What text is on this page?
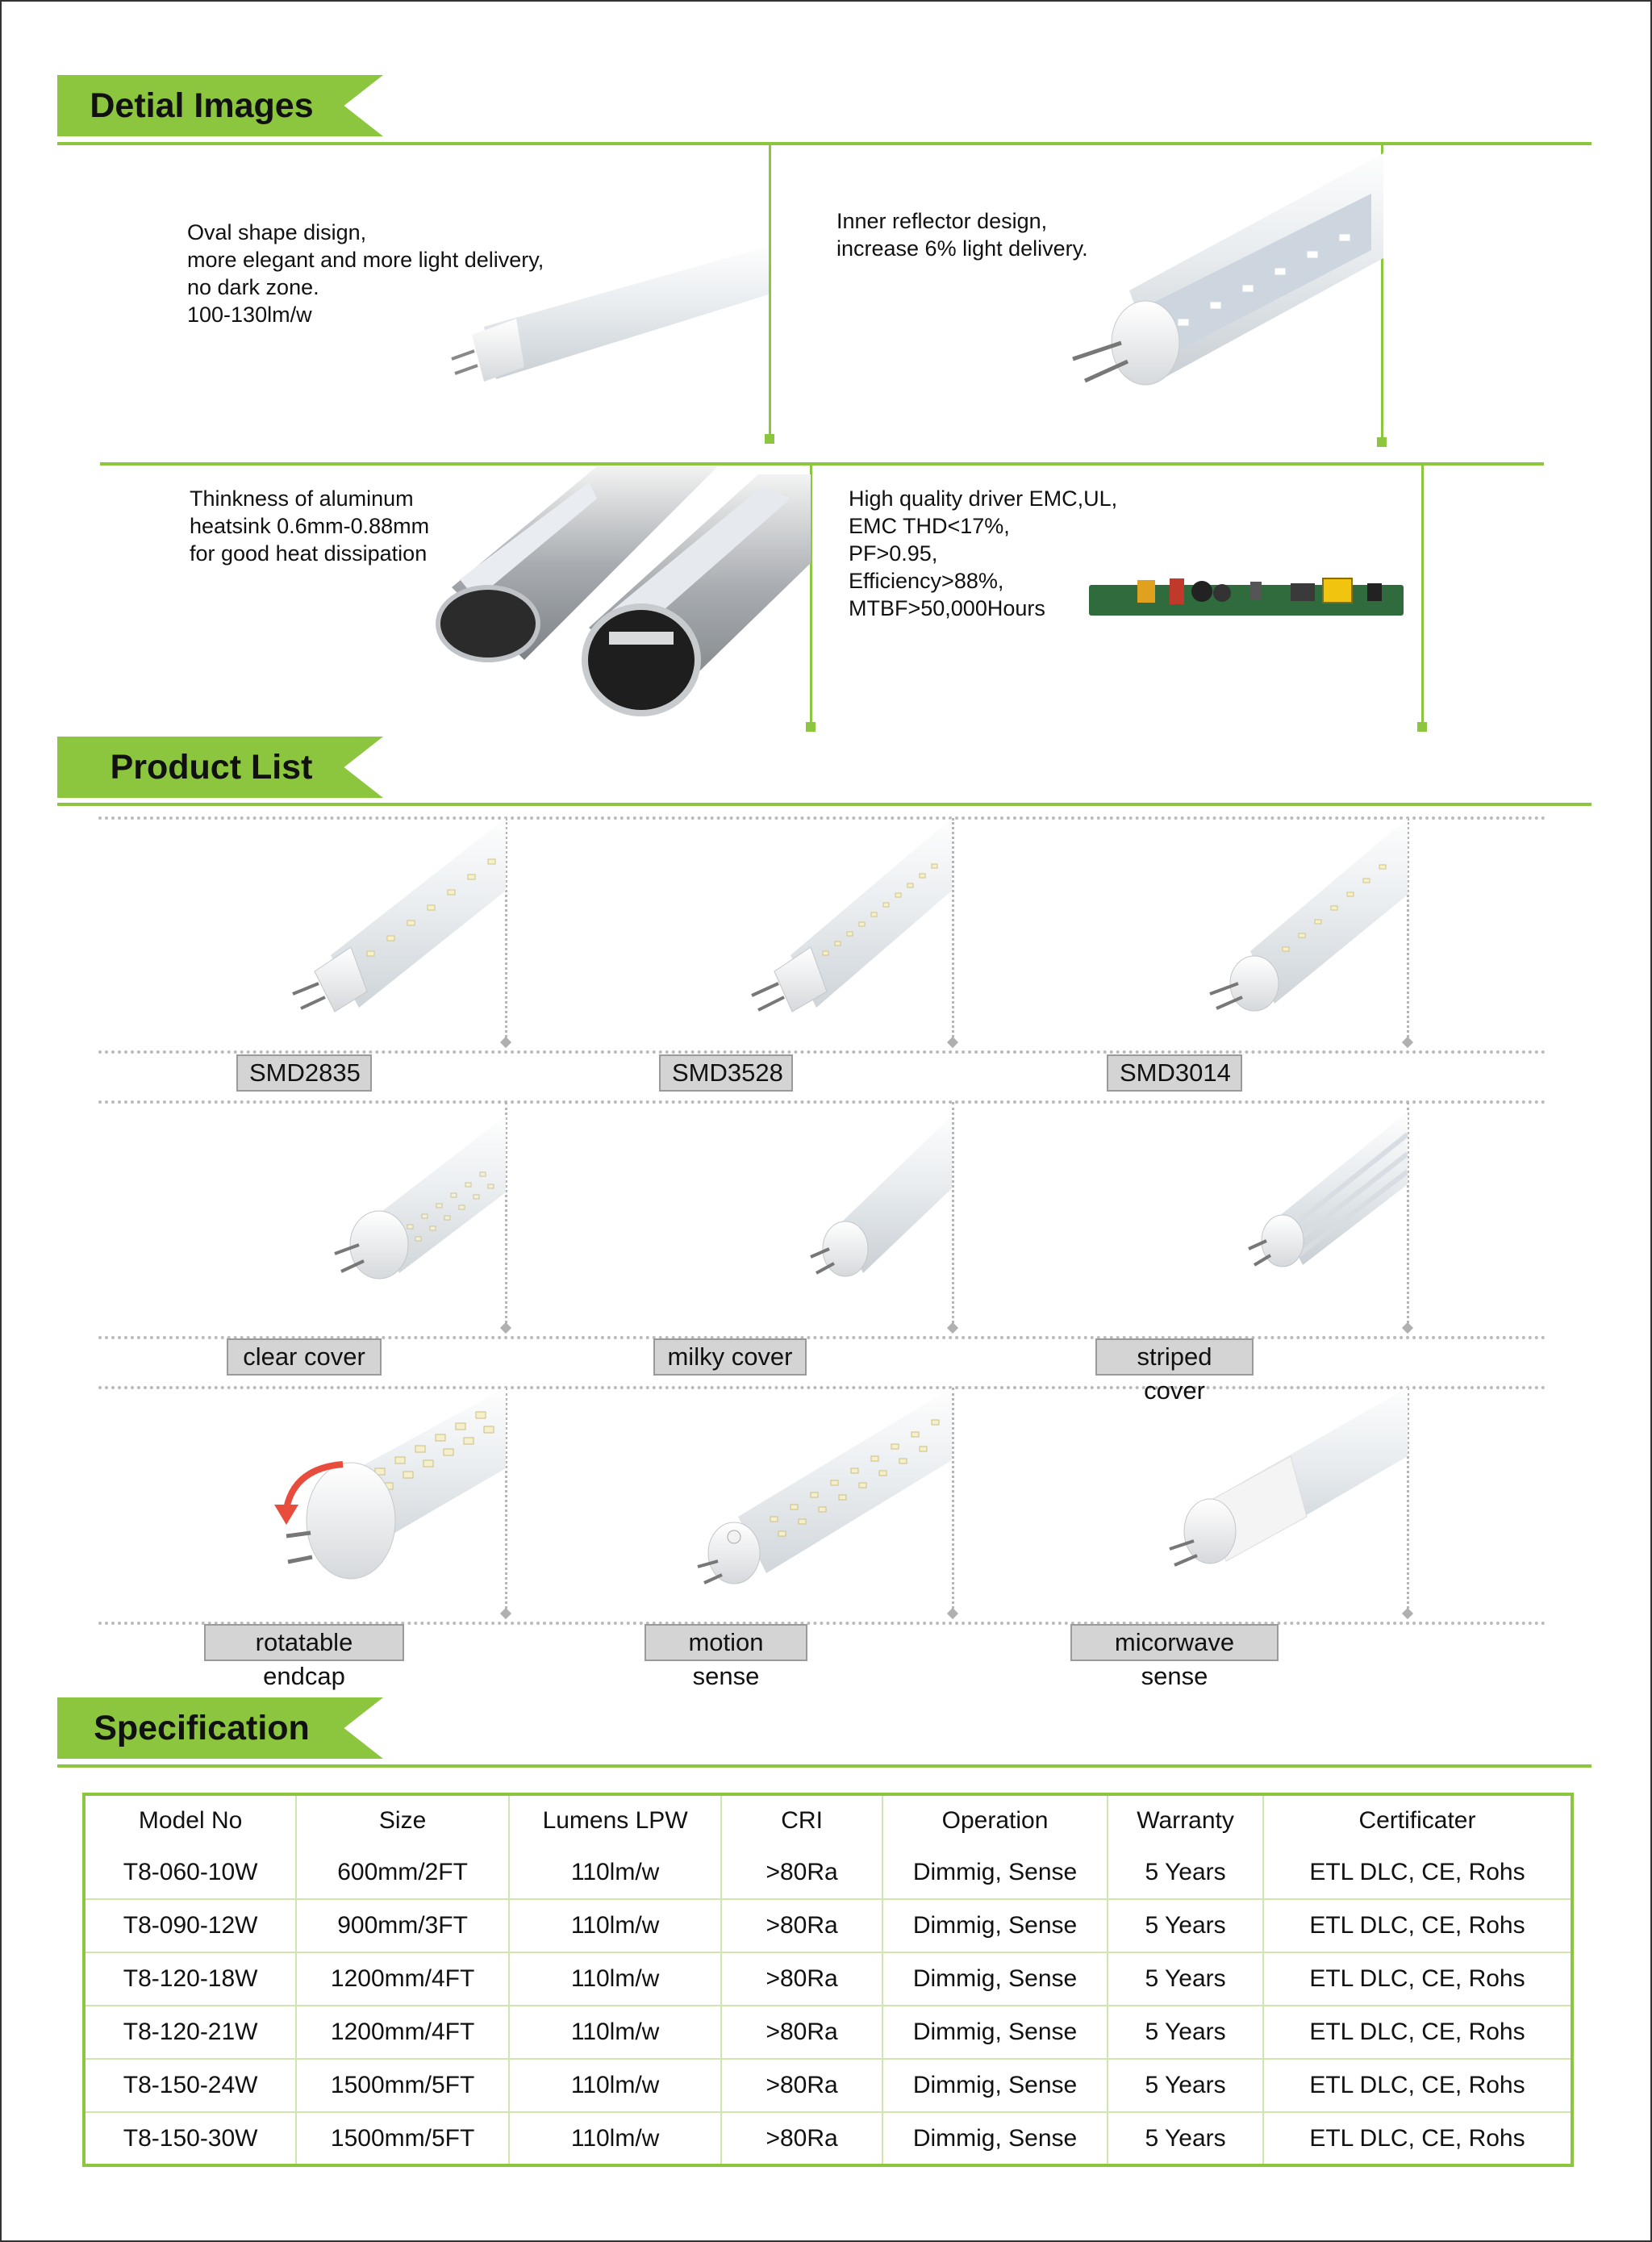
Detial Images
Oval shape disign,
more elegant and more light delivery,
no dark zone.
100-130lm/w
Inner reflector design,
increase 6% light delivery.
Thinkness of aluminum
heatsink 0.6mm-0.88mm
for good heat dissipation
High quality driver EMC,UL,
EMC THD<17%,
PF>0.95,
Efficiency>88%,
MTBF>50,000Hours
Product List
SMD2835	SMD3528	SMD3014
clear cover	milky cover	striped cover
rotatable endcap
motion sense
micorwave sense
Specification
Model No	Size	Lumens LPW	CRI	Operation	Warranty	Certificater
T8-060-10W	600mm/2FT	110lm/w	>80Ra	Dimmig, Sense	5 Years	ETL DLC, CE, Rohs
T8-090-12W	900mm/3FT	110lm/w	>80Ra	Dimmig, Sense	5 Years	ETL DLC, CE, Rohs
T8-120-18W	1200mm/4FT	110lm/w	>80Ra	Dimmig, Sense	5 Years	ETL DLC, CE, Rohs
T8-120-21W	1200mm/4FT	110lm/w	>80Ra	Dimmig, Sense	5 Years	ETL DLC, CE, Rohs
T8-150-24W	1500mm/5FT	110lm/w	>80Ra	Dimmig, Sense	5 Years	ETL DLC, CE, Rohs
T8-150-30W	1500mm/5FT	110lm/w	>80Ra	Dimmig, Sense	5 Years	ETL DLC, CE, Rohs
